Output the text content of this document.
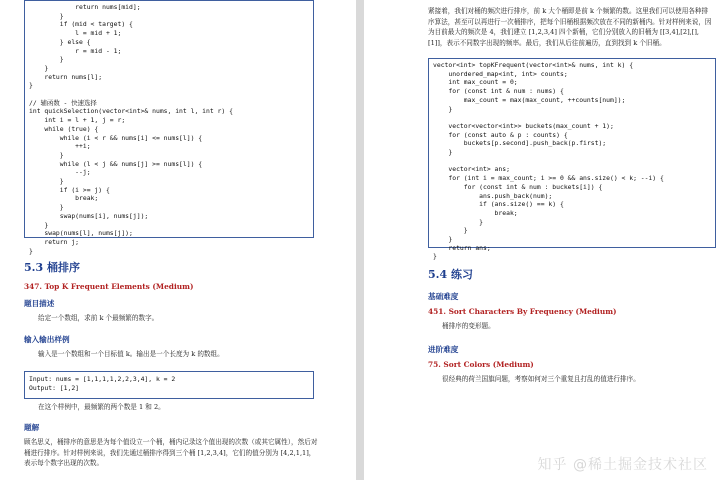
return nums[mid];
}
if (mid < target) {
l = mid + 1;
} else {
r = mid - 1;
}
}
return nums[l];
}

// 辅函数 - 快速选择
int quickSelection(vector<int>& nums, int l, int r) {
int i = l + 1, j = r;
while (true) {
while (i < r && nums[i] <= nums[l]) {
++i;
}
while (l < j && nums[j] >= nums[l]) {
--j;
}
if (i >= j) {
break;
}
swap(nums[i], nums[j]);
}
swap(nums[l], nums[j]);
return j;
}
5.3 桶排序
347. Top K Frequent Elements (Medium)
题目描述
给定一个数组，求前 k 个最频繁的数字。
输入输出样例
输入是一个数组和一个目标值 k。输出是一个长度为 k 的数组。
Input: nums = [1,1,1,1,2,2,3,4], k = 2
Output: [1,2]
在这个样例中，最频繁的两个数是 1 和 2。
题解
顾名思义，桶排序的意思是为每个值设立一个桶，桶内记录这个值出现的次数（或其它属性），然后对桶进行排序。针对样例来说，我们先通过桶排序得到三个桶 [1,2,3,4]，它们的值分别为 [4,2,1,1]，表示每个数字出现的次数。
紧接着，我们对桶的频次进行排序，前 k 大个桶即是前 k 个频繁的数。这里我们可以使用各种排序算法，甚至可以再进行一次桶排序，把每个旧桶根据频次放在不同的新桶内。针对样例来说，因为目前最大的频次是 4，我们建立 [1,2,3,4] 四个新桶，它们分别放入的旧桶为 [[3,4],[2],[],[1]]，表示不同数字出现的频率。最后，我们从后往前遍历，直到找到 k 个旧桶。
vector<int> topKFrequent(vector<int>& nums, int k) {
unordered_map<int, int> counts;
int max_count = 0;
for (const int & num : nums) {
max_count = max(max_count, ++counts[num]);
}

vector<vector<int>> buckets(max_count + 1);
for (const auto & p : counts) {
buckets[p.second].push_back(p.first);
}

vector<int> ans;
for (int i = max_count; i >= 0 && ans.size() < k; --i) {
for (const int & num : buckets[i]) {
ans.push_back(num);
if (ans.size() == k) {
break;
}
}
}
return ans;
}
5.4 练习
基础难度
451. Sort Characters By Frequency (Medium)
桶排序的变形题。
进阶难度
75. Sort Colors (Medium)
很经典的荷兰国旗问题，考察如何对三个重复且打乱的值进行排序。
知乎 @稀土掘金技术社区
